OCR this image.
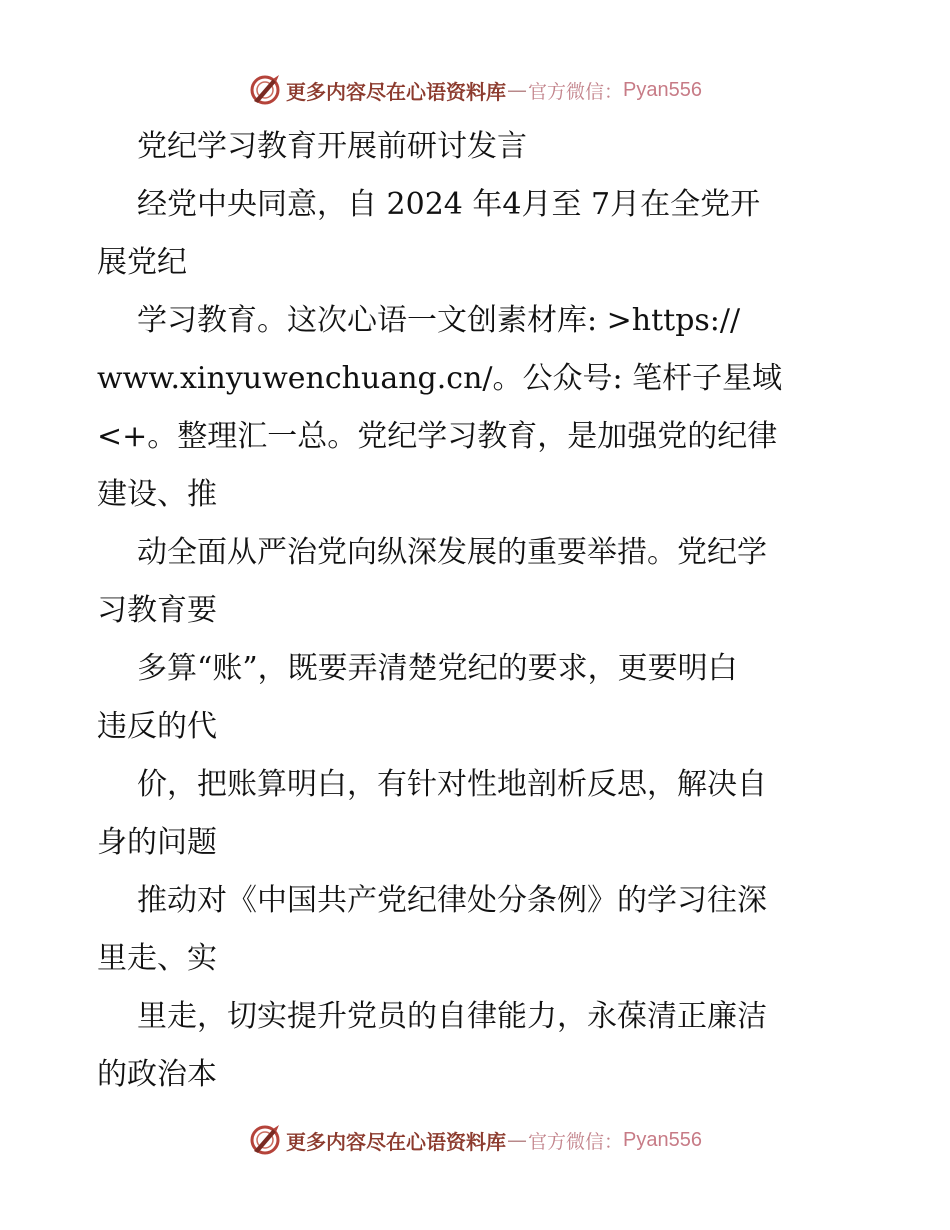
更多内容尽在心语资料库 — 官方微信： Pyan556
党纪学习教育开展前研讨发言
经党中央同意，自 2024 年4月至 7月在全党开
展党纪
学习教育。这次心语一文创素材库: >https://
www.xinyuwenchuang.cn/。公众号: 笔杆子星域
<+。整理汇一总。党纪学习教育，是加强党的纪律
建设、推
动全面从严治党向纵深发展的重要举措。党纪学
习教育要
多算“账”，既要弄清楚党纪的要求，更要明白
违反的代
价，把账算明白，有针对性地剖析反思，解决自
身的问题
推动对《中国共产党纪律处分条例》的学习往深
里走、实
里走，切实提升党员的自律能力，永葆清正廉洁
的政治本
更多内容尽在心语资料库 — 官方微信： Pyan556
